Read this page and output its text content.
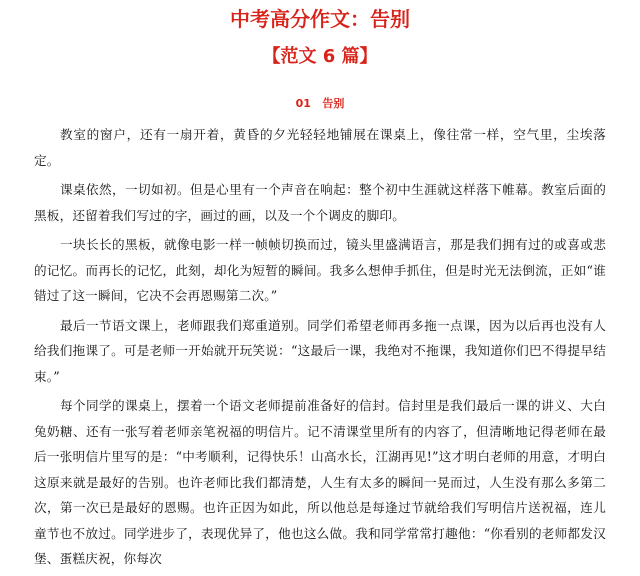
中考高分作文：告别
【范文 6 篇】
01 告别

教室的窗户，还有一扇开着，黄昏的夕光轻轻地铺展在课桌上，像往常一样，空气里，尘埃落定。

课桌依然，一切如初。但是心里有一个声音在响起：整个初中生涯就这样落下帷幕。教室后面的黑板，还留着我们写过的字，画过的画，以及一个个调皮的脚印。

一块长长的黑板，就像电影一样一帧帧切换而过，镜头里盛满语言，那是我们拥有过的或喜或悲的记忆。而再长的记忆，此刻，却化为短暂的瞬间。我多么想伸手抓住，但是时光无法倒流，正如“谁错过了这一瞬间，它决不会再恩赐第二次。”

最后一节语文课上，老师跟我们郑重道别。同学们希望老师再多拖一点课，因为以后再也没有人给我们拖课了。可是老师一开始就开玩笑说：“这最后一课，我绝对不拖课，我知道你们巴不得提早结束。”

每个同学的课桌上，摆着一个语文老师提前准备好的信封。信封里是我们最后一课的讲义、大白兔奶糖、还有一张写着老师亲笔祝福的明信片。记不清课堂里所有的内容了，但清晰地记得老师在最后一张明信片里写的是：“中考顺利，记得快乐！山高水长，江湖再见!”这才明白老师的用意，才明白这原来就是最好的告别。也许老师比我们都清楚，人生有太多的瞬间一晃而过，人生没有那么多第二次，第一次已是最好的恩赐。也许正因为如此，所以他总是每逢过节就给我们写明信片送祝福，连儿童节也不放过。同学进步了，表现优异了，他也这么做。我和同学常常打趣他：“你看别的老师都发汉堡、蛋糕庆祝，你每次
